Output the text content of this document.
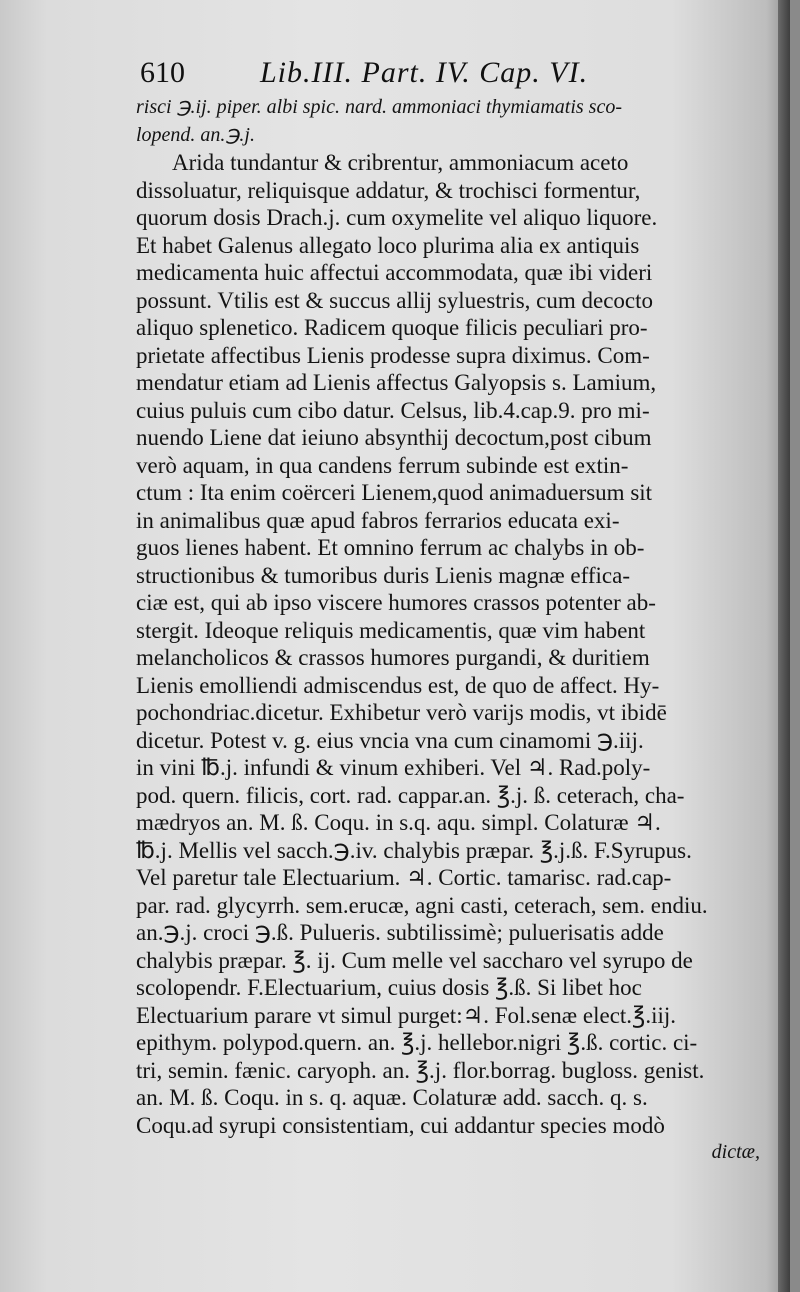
610	Lib.III. Part. IV. Cap. VI.
risci ℈.ij. piper. albi spic. nard. ammoniaci thymiamatis sco-
lopend. an.℈.j.
Arida tundantur & cribrentur, ammoniacum aceto
dissoluatur, reliquisque addatur, & trochisci formentur,
quorum dosis Drach.j. cum oxymelite vel aliquo liquore.
Et habet Galenus allegato loco plurima alia ex antiquis
medicamenta huic affectui accommodata, quæ ibi videri
possunt. Vtilis est & succus allij syluestris, cum decocto
aliquo splenetico. Radicem quoque filicis peculiari pro-
prietate affectibus Lienis prodesse supra diximus. Com-
mendatur etiam ad Lienis affectus Galyopsis s. Lamium,
cuius puluis cum cibo datur. Celsus, lib.4.cap.9. pro mi-
nuendo Liene dat ieiuno absynthij decoctum,post cibum
verò aquam, in qua candens ferrum subinde est extin-
ctum : Ita enim coërceri Lienem,quod animaduersum sit
in animalibus quæ apud fabros ferrarios educata exi-
guos lienes habent. Et omnino ferrum ac chalybs in ob-
structionibus & tumoribus duris Lienis magnæ effica-
ciæ est, qui ab ipso viscere humores crassos potenter ab-
stergit. Ideoque reliquis medicamentis, quæ vim habent
melancholicos & crassos humores purgandi, & duritiem
Lienis emolliendi admiscendus est, de quo de affect. Hy-
pochondriac.dicetur. Exhibetur verò varijs modis, vt ibidē
dicetur. Potest v. g. eius vncia vna cum cinamomi ℈.iij.
in vini ℔.j. infundi & vinum exhiberi. Vel ♃. Rad.poly-
pod. quern. filicis, cort. rad. cappar.an. ℥.j. ß. ceterach, cha-
mædryos an. M. ß. Coqu. in s.q. aqu. simpl. Colaturæ ♃.
℔.j. Mellis vel sacch.℈.iv. chalybis præpar. ℥.j.ß. F.Syrupus.
Vel paretur tale Electuarium. ♃. Cortic. tamarisc. rad.cap-
par. rad. glycyrrh. sem.erucæ, agni casti, ceterach, sem. endiu.
an.℈.j. croci ℈.ß. Pulueris. subtilissimè; puluerisatis adde
chalybis præpar. ℥. ij. Cum melle vel saccharo vel syrupo de
scolopendr. F.Electuarium, cuius dosis ℥.ß. Si libet hoc
Electuarium parare vt simul purget:♃. Fol.senæ elect.℥.iij.
epithym. polypod.quern. an. ℥.j. hellebor.nigri ℥.ß. cortic. ci-
tri, semin. fænic. caryoph. an. ℥.j. flor.borrag. bugloss. genist.
an. M. ß. Coqu. in s. q. aquæ. Colaturæ add. sacch. q. s.
Coqu.ad syrupi consistentiam, cui addantur species modò
dictæ,
